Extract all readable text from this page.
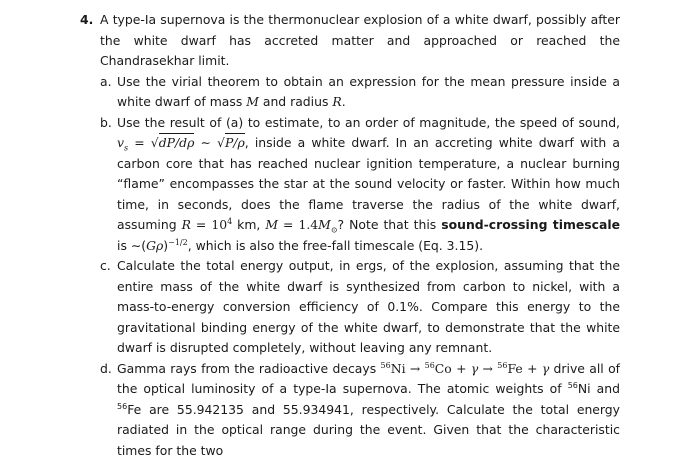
4. A type-Ia supernova is the thermonuclear explosion of a white dwarf, possibly after the white dwarf has accreted matter and approached or reached the Chandrasekhar limit.
a. Use the virial theorem to obtain an expression for the mean pressure inside a white dwarf of mass M and radius R.
b. Use the result of (a) to estimate, to an order of magnitude, the speed of sound, $v_s = √dP/d\rho$ ∼ √P/ρ, inside a white dwarf. In an accreting white dwarf with a carbon core that has reached nuclear ignition temperature, a nuclear burning “flame” encompasses the star at the sound velocity or faster. Within how much time, in seconds, does the flame traverse the radius of the white dwarf, assuming $R = 10^4$ km, $M = 1.4M_⊙$? Note that this sound-crossing timescale is $\sim(G\rho)^{-1/2}$, which is also the free-fall timescale (Eq. 3.15).
c. Calculate the total energy output, in ergs, of the explosion, assuming that the entire mass of the white dwarf is synthesized from carbon to nickel, with a mass-to-energy conversion efficiency of 0.1%. Compare this energy to the gravitational binding energy of the white dwarf, to demonstrate that the white dwarf is disrupted completely, without leaving any remnant.
d. Gamma rays from the radioactive decays $^{56}$Ni → $^{56}$Co + γ → $^{56}$Fe + γ drive all of the optical luminosity of a type-Ia supernova. The atomic weights of $^{56}$Ni and $^{56}$Fe are 55.942135 and 55.934941, respectively. Calculate the total energy radiated in the optical range during the event. Given that the characteristic times for the two
